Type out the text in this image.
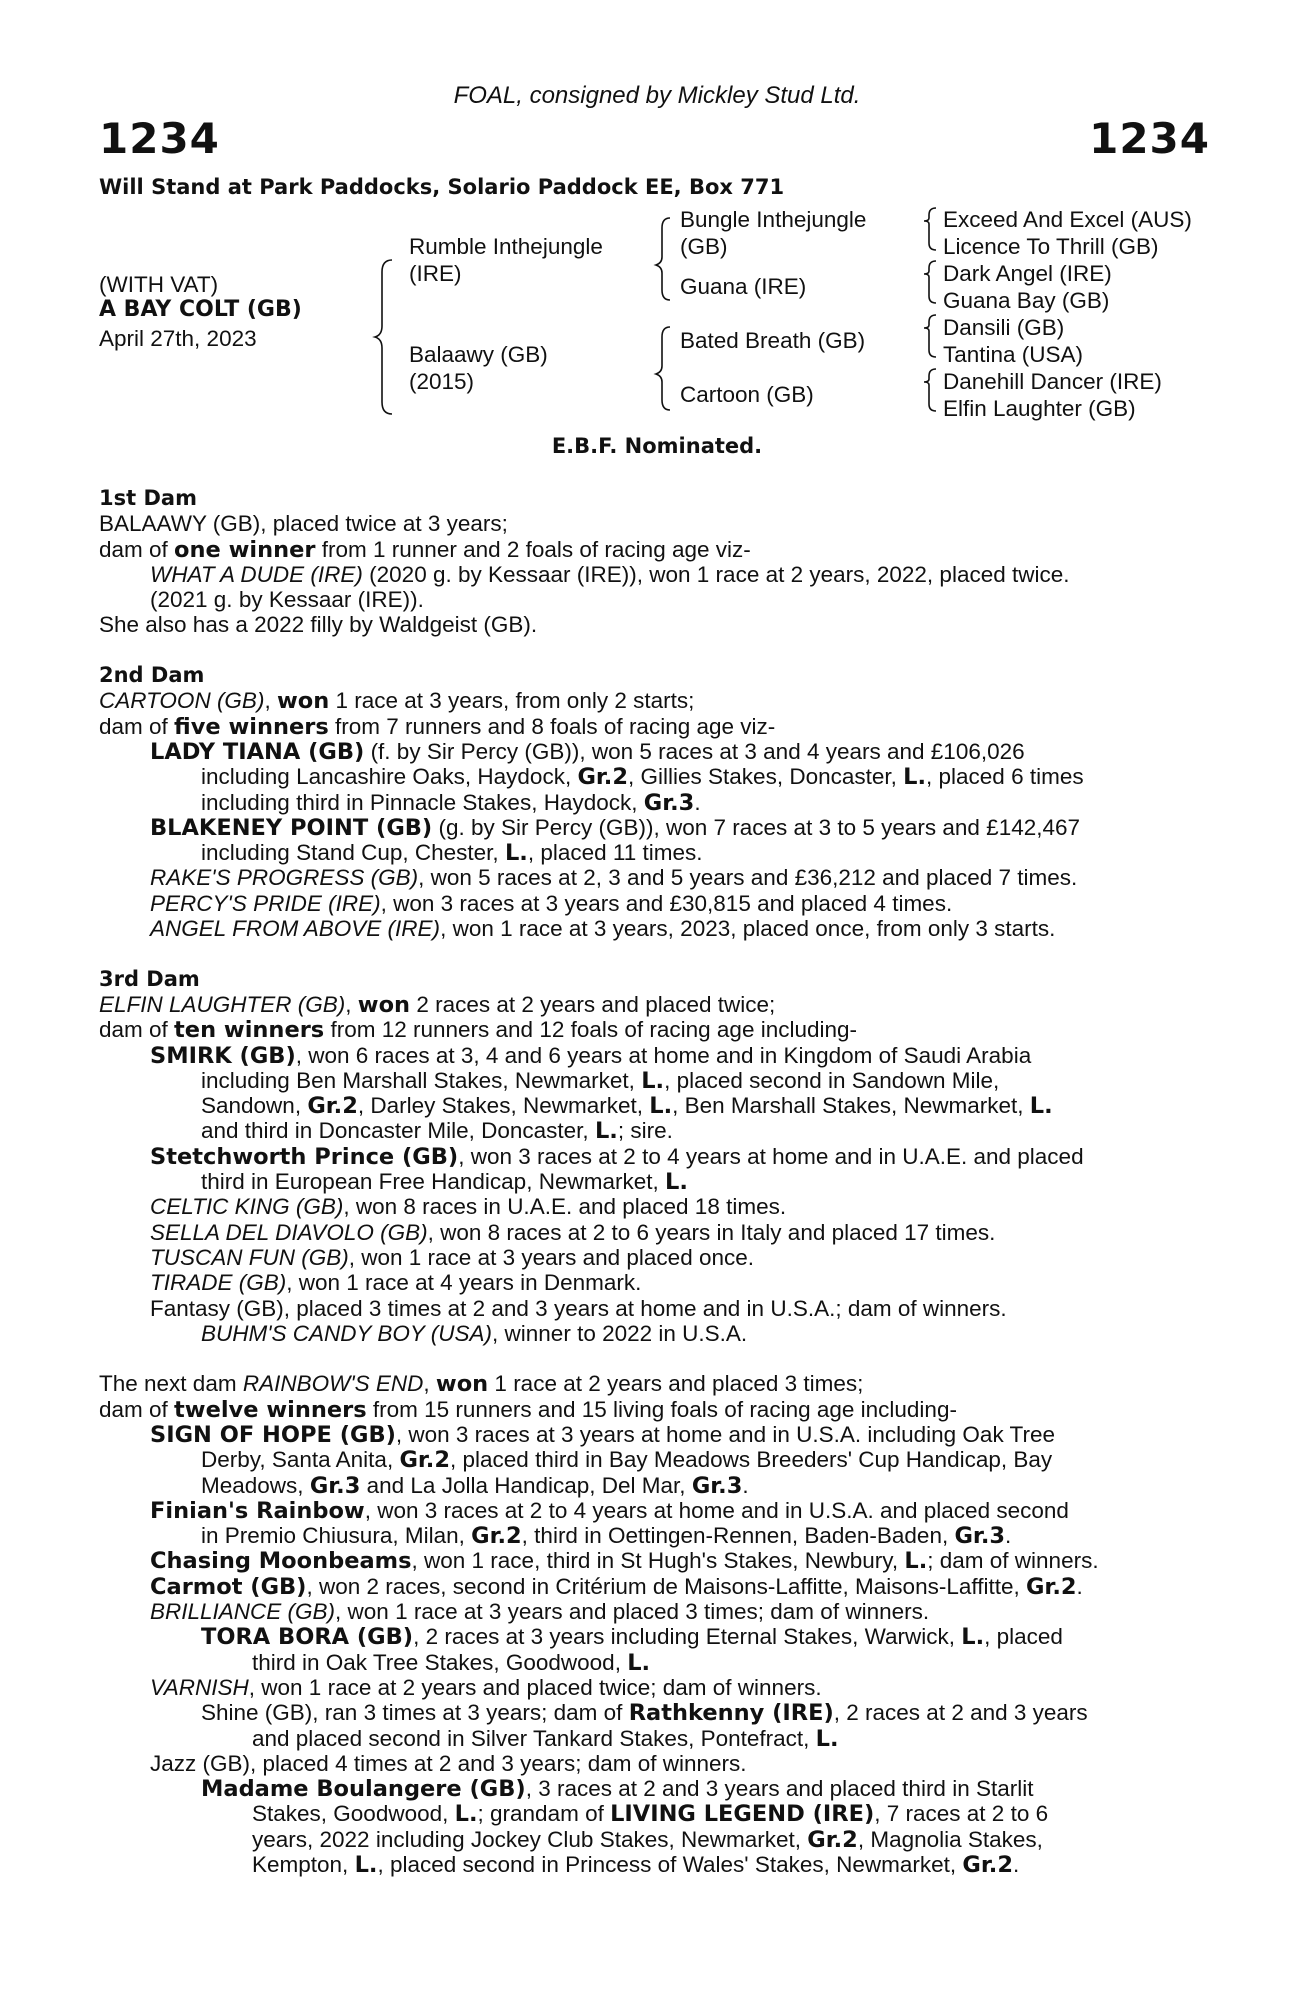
FOAL, consigned by Mickley Stud Ltd.
1234	1234
Will Stand at Park Paddocks, Solario Paddock EE, Box 771
(WITH VAT)
A BAY COLT (GB)
April 27th, 2023
Rumble Inthejungle
(IRE)
Balaawy (GB)
(2015)
Bungle Inthejungle
(GB)
Guana (IRE)
Bated Breath (GB)
Cartoon (GB)
Exceed And Excel (AUS)
Licence To Thrill (GB)
Dark Angel (IRE)
Guana Bay (GB)
Dansili (GB)
Tantina (USA)
Danehill Dancer (IRE)
Elfin Laughter (GB)
E.B.F. Nominated.
1st Dam
BALAAWY (GB), placed twice at 3 years;
dam of one winner from 1 runner and 2 foals of racing age viz-
WHAT A DUDE (IRE) (2020 g. by Kessaar (IRE)), won 1 race at 2 years, 2022, placed twice.
(2021 g. by Kessaar (IRE)).
She also has a 2022 filly by Waldgeist (GB).
2nd Dam
CARTOON (GB), won 1 race at 3 years, from only 2 starts;
dam of five winners from 7 runners and 8 foals of racing age viz-
LADY TIANA (GB) (f. by Sir Percy (GB)), won 5 races at 3 and 4 years and £106,026
including Lancashire Oaks, Haydock, Gr.2, Gillies Stakes, Doncaster, L., placed 6 times
including third in Pinnacle Stakes, Haydock, Gr.3.
BLAKENEY POINT (GB) (g. by Sir Percy (GB)), won 7 races at 3 to 5 years and £142,467
including Stand Cup, Chester, L., placed 11 times.
RAKE'S PROGRESS (GB), won 5 races at 2, 3 and 5 years and £36,212 and placed 7 times.
PERCY'S PRIDE (IRE), won 3 races at 3 years and £30,815 and placed 4 times.
ANGEL FROM ABOVE (IRE), won 1 race at 3 years, 2023, placed once, from only 3 starts.
3rd Dam
ELFIN LAUGHTER (GB), won 2 races at 2 years and placed twice;
dam of ten winners from 12 runners and 12 foals of racing age including-
SMIRK (GB), won 6 races at 3, 4 and 6 years at home and in Kingdom of Saudi Arabia
including Ben Marshall Stakes, Newmarket, L., placed second in Sandown Mile,
Sandown, Gr.2, Darley Stakes, Newmarket, L., Ben Marshall Stakes, Newmarket, L.
and third in Doncaster Mile, Doncaster, L.; sire.
Stetchworth Prince (GB), won 3 races at 2 to 4 years at home and in U.A.E. and placed
third in European Free Handicap, Newmarket, L.
CELTIC KING (GB), won 8 races in U.A.E. and placed 18 times.
SELLA DEL DIAVOLO (GB), won 8 races at 2 to 6 years in Italy and placed 17 times.
TUSCAN FUN (GB), won 1 race at 3 years and placed once.
TIRADE (GB), won 1 race at 4 years in Denmark.
Fantasy (GB), placed 3 times at 2 and 3 years at home and in U.S.A.; dam of winners.
BUHM'S CANDY BOY (USA), winner to 2022 in U.S.A.
The next dam RAINBOW'S END, won 1 race at 2 years and placed 3 times;
dam of twelve winners from 15 runners and 15 living foals of racing age including-
SIGN OF HOPE (GB), won 3 races at 3 years at home and in U.S.A. including Oak Tree
Derby, Santa Anita, Gr.2, placed third in Bay Meadows Breeders' Cup Handicap, Bay
Meadows, Gr.3 and La Jolla Handicap, Del Mar, Gr.3.
Finian's Rainbow, won 3 races at 2 to 4 years at home and in U.S.A. and placed second
in Premio Chiusura, Milan, Gr.2, third in Oettingen-Rennen, Baden-Baden, Gr.3.
Chasing Moonbeams, won 1 race, third in St Hugh's Stakes, Newbury, L.; dam of winners.
Carmot (GB), won 2 races, second in Critérium de Maisons-Laffitte, Maisons-Laffitte, Gr.2.
BRILLIANCE (GB), won 1 race at 3 years and placed 3 times; dam of winners.
TORA BORA (GB), 2 races at 3 years including Eternal Stakes, Warwick, L., placed
third in Oak Tree Stakes, Goodwood, L.
VARNISH, won 1 race at 2 years and placed twice; dam of winners.
Shine (GB), ran 3 times at 3 years; dam of Rathkenny (IRE), 2 races at 2 and 3 years
and placed second in Silver Tankard Stakes, Pontefract, L.
Jazz (GB), placed 4 times at 2 and 3 years; dam of winners.
Madame Boulangere (GB), 3 races at 2 and 3 years and placed third in Starlit
Stakes, Goodwood, L.; grandam of LIVING LEGEND (IRE), 7 races at 2 to 6
years, 2022 including Jockey Club Stakes, Newmarket, Gr.2, Magnolia Stakes,
Kempton, L., placed second in Princess of Wales' Stakes, Newmarket, Gr.2.
